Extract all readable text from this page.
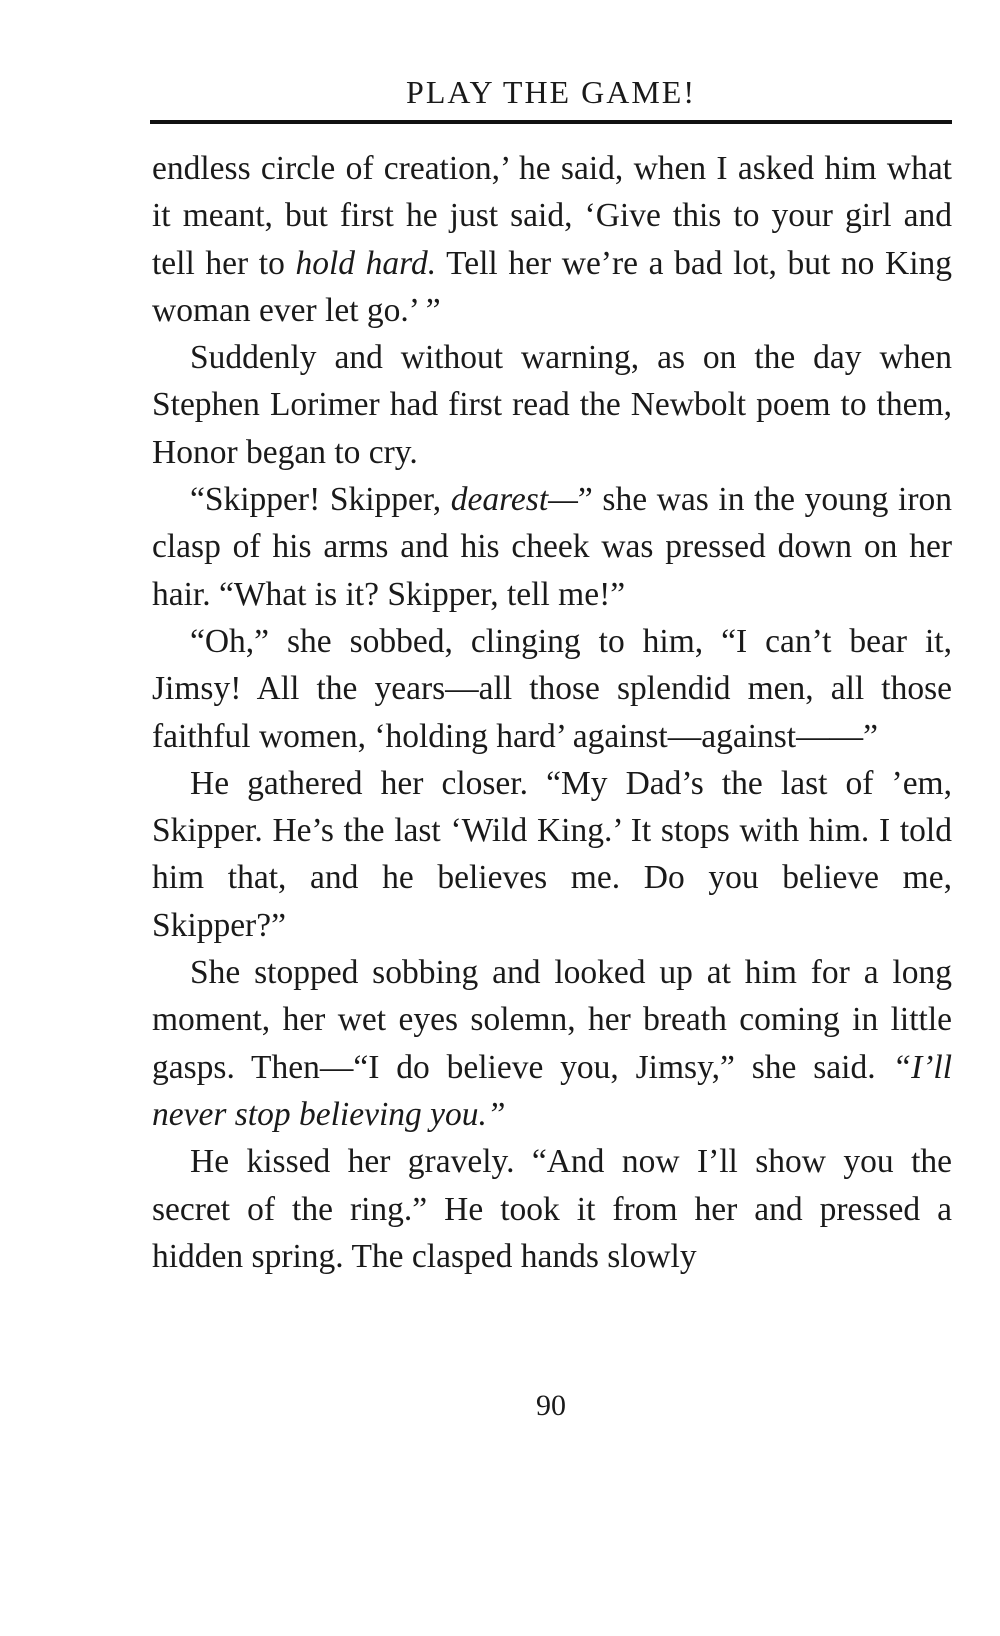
PLAY THE GAME!

endless circle of creation,’ he said, when I asked him what it meant, but first he just said, ‘Give this to your girl and tell her to hold hard. Tell her we’re a bad lot, but no King woman ever let go.’ ”

Suddenly and without warning, as on the day when Stephen Lorimer had first read the Newbolt poem to them, Honor began to cry.

“Skipper! Skipper, dearest—” she was in the young iron clasp of his arms and his cheek was pressed down on her hair. “What is it? Skipper, tell me!”

“Oh,” she sobbed, clinging to him, “I can’t bear it, Jimsy! All the years—all those splendid men, all those faithful women, ‘holding hard’ against—against——”

He gathered her closer. “My Dad’s the last of ’em, Skipper. He’s the last ‘Wild King.’ It stops with him. I told him that, and he believes me. Do you believe me, Skipper?”

She stopped sobbing and looked up at him for a long moment, her wet eyes solemn, her breath coming in little gasps. Then—“I do believe you, Jimsy,” she said. “I’ll never stop believing you.”

He kissed her gravely. “And now I’ll show you the secret of the ring.” He took it from her and pressed a hidden spring. The clasped hands slowly

90
